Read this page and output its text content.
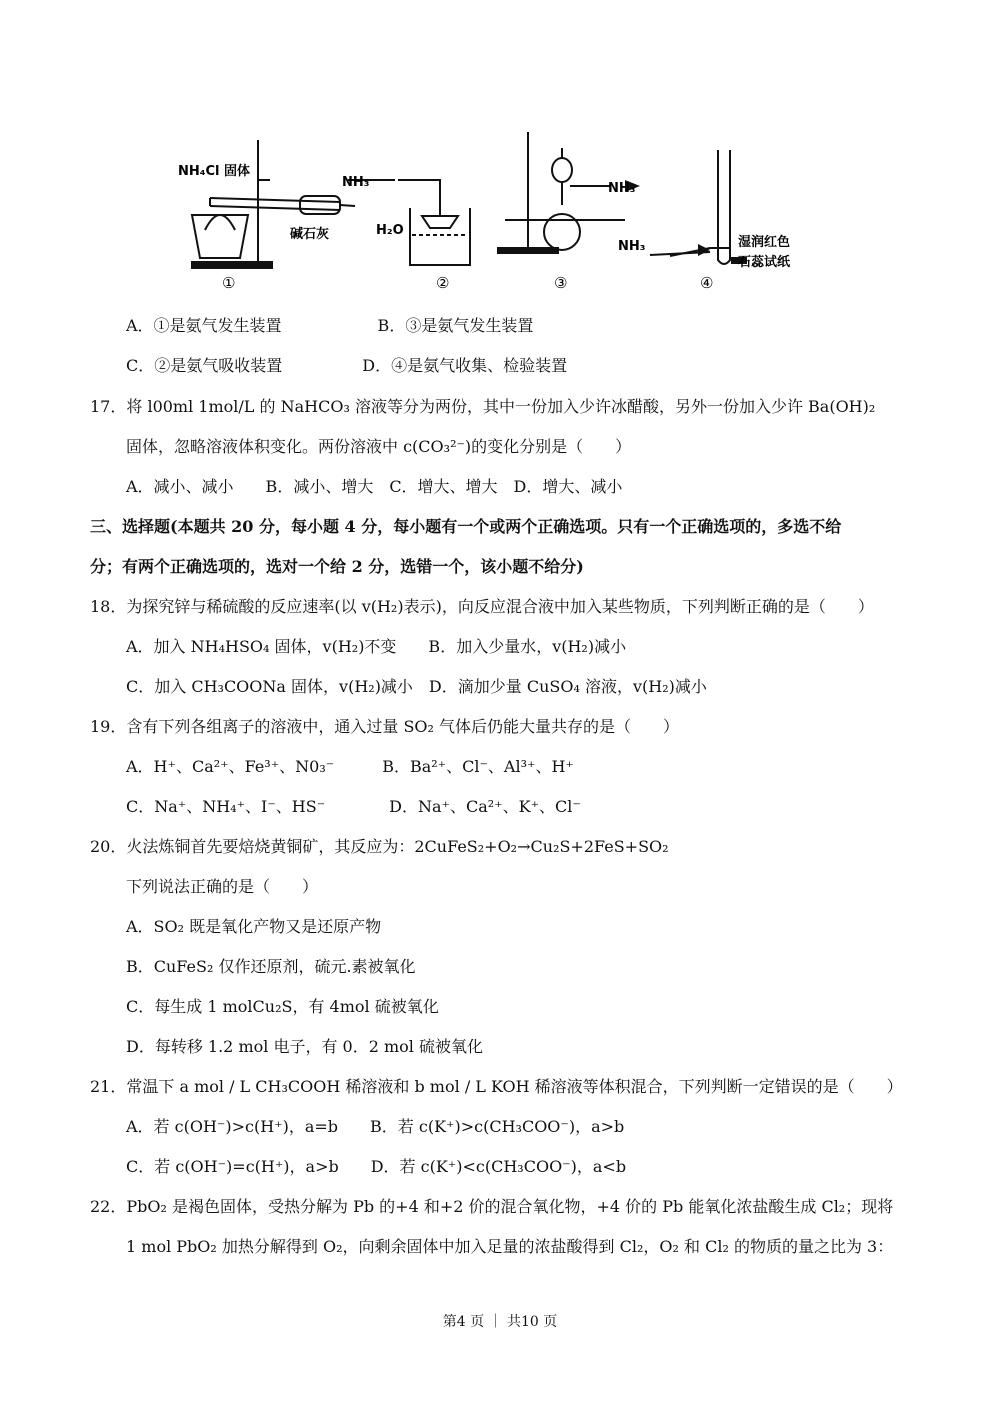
NH₄Cl 固体
碱石灰
NH₃
H₂O
NH₃
NH₃	湿润红色
石蕊试纸
①	②	③	④
A．①是氨气发生装置　　　　　　B．③是氨气发生装置
C．②是氨气吸收装置　　　　　D．④是氨气收集、检验装置
17．将 l00ml 1mol/L 的 NaHCO₃ 溶液等分为两份，其中一份加入少许冰醋酸，另外一份加入少许 Ba(OH)₂
固体，忽略溶液体积变化。两份溶液中 c(CO₃²⁻)的变化分别是（　　）
A．减小、减小　　B．减小、增大　C．增大、增大　D．增大、减小
三、选择题(本题共 20 分，每小题 4 分，每小题有一个或两个正确选项。只有一个正确选项的，多选不给
分；有两个正确选项的，选对一个给 2 分，选错一个，该小题不给分)
18．为探究锌与稀硫酸的反应速率(以 v(H₂)表示)，向反应混合液中加入某些物质，下列判断正确的是（　　）
A．加入 NH₄HSO₄ 固体，v(H₂)不变　　B．加入少量水，v(H₂)减小
C．加入 CH₃COONa 固体，v(H₂)减小　D．滴加少量 CuSO₄ 溶液，v(H₂)减小
19．含有下列各组离子的溶液中，通入过量 SO₂ 气体后仍能大量共存的是（　　）
A．H⁺、Ca²⁺、Fe³⁺、N0₃⁻　　　B．Ba²⁺、Cl⁻、Al³⁺、H⁺
C．Na⁺、NH₄⁺、I⁻、HS⁻　　　　D．Na⁺、Ca²⁺、K⁺、Cl⁻
20．火法炼铜首先要焙烧黄铜矿，其反应为：2CuFeS₂+O₂→Cu₂S+2FeS+SO₂
下列说法正确的是（　　）
A．SO₂ 既是氧化产物又是还原产物
B．CuFeS₂ 仅作还原剂，硫元.素被氧化
C．每生成 1 molCu₂S，有 4mol 硫被氧化
D．每转移 1.2 mol 电子，有 0．2 mol 硫被氧化
21．常温下 a mol / L CH₃COOH 稀溶液和 b mol / L KOH 稀溶液等体积混合，下列判断一定错误的是（　　）
A．若 c(OH⁻)>c(H⁺)，a=b　　B．若 c(K⁺)>c(CH₃COO⁻)，a>b
C．若 c(OH⁻)=c(H⁺)，a>b　　D．若 c(K⁺)<c(CH₃COO⁻)，a<b
22．PbO₂ 是褐色固体，受热分解为 Pb 的+4 和+2 价的混合氧化物，+4 价的 Pb 能氧化浓盐酸生成 Cl₂；现将
1 mol PbO₂ 加热分解得到 O₂，向剩余固体中加入足量的浓盐酸得到 Cl₂，O₂ 和 Cl₂ 的物质的量之比为 3：
第4 页 ｜ 共10 页
